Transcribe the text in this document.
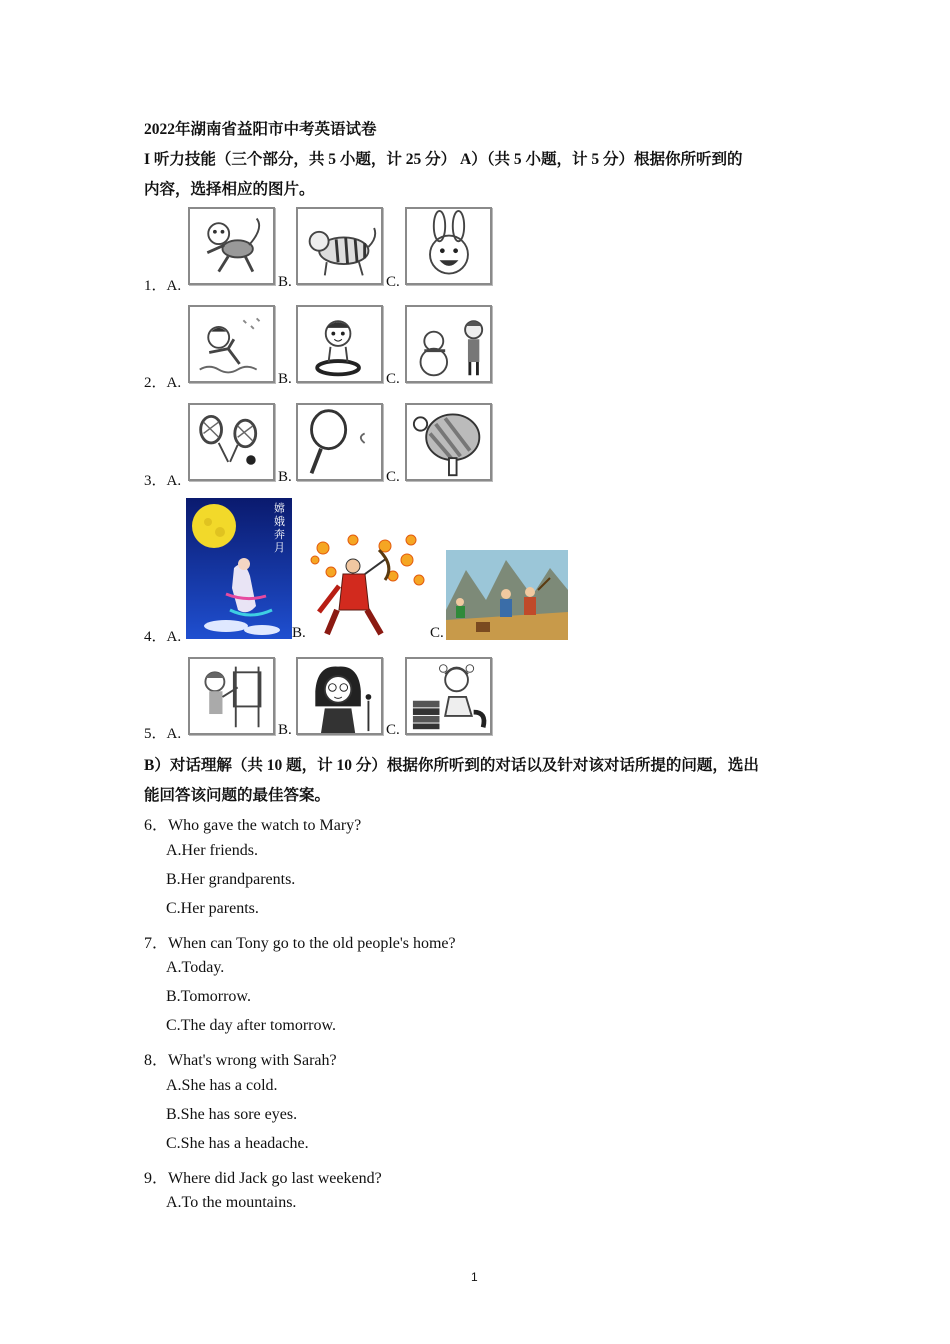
2022年湖南省益阳市中考英语试卷
I 听力技能（三个部分，共 5 小题，计 25 分） A）（共 5 小题，计 5 分）根据你所听到的
内容，选择相应的图片。
1．A.	B.	C.
2．A.	B.	C.
3．A.	B.	C.
4．A.
嫦娥奔月
B.	C.
5．A.	B.	C.
B）对话理解（共 10 题，计 10 分）根据你所听到的对话以及针对该对话所提的问题，选出
能回答该问题的最佳答案。
6．Who gave the watch to Mary?
A.Her friends.
B.Her grandparents.
C.Her parents.
7．When can Tony go to the old people's home?
A.Today.
B.Tomorrow.
C.The day after tomorrow.
8．What's wrong with Sarah?
A.She has a cold.
B.She has sore eyes.
C.She has a headache.
9．Where did Jack go last weekend?
A.To the mountains.
1
